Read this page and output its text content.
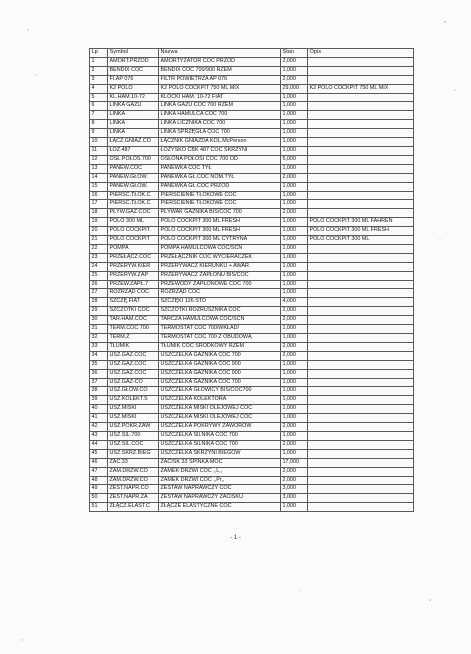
Lp	Symbol	Nazwa	Stan	Opis
1	AMORT.PRZÓD	AMORTYZATOR COC PRZÓD	2,000	
2	BENDIX COC	BENDIX COC 700/900 RZEM	1,000	
3	FI.AP 076	FILTR POWIETRZA AP 076	2,000	
4	K2 POLO	K2 POLO COCKPIT 750 ML MIX	29,000	K2 POLO COCKPIT 750 ML MIX
5	KL.HAM.10-72	KLOCKI HAM. 10-72 FIAT	1,000	
6	LINKA GAZU	LINKA GAZU COC 700 RZEM	1,000	
7	LINKA	LINKA HAMULCA COC 700	1,000	
8	LINKA	LINKA LICZNIKA COC 700	1,000	
9	LINKA	LINKA SPRZĘGŁA COC 700	1,000	
10	ŁĄCZ.GNIAZ.CO	ŁĄCZNIK GNIAZDA KOL.McPerson	1,000	
11	ŁOŻ.487	ŁOŻYSKO CBK 487 COC SKRZYNI	1,000	
12	OSŁ.POŁOS.700	OSŁONA PÓŁOSI COC 700 OD	5,000	
13	PANEW.COC	PANEWKA COC TYŁ	1,000	
14	PANEW.GŁOW.	PANEWKA GŁ.COC NOM.TYŁ	2,000	
15	PANEW.GŁOW.	PANEWKA GŁ.COC PRZÓD	1,000	
16	PIERŚC.TŁOK.C	PIERŚCIENIE TŁOKOWE COC	1,000	
17	PIERŚC.TŁOK.C	PIERŚCIENIE TŁOKOWE COC	1,000	
18	PŁYW.GAŹ.COC	PŁYWAK GAŹNIKA BIS/COC 700	2,000	
19	POLO 300 ML	POLO COCKPIT 300 ML FRESH	1,000	POLO COCKPIT 300 ML FAHREN
20	POLO COCKPIT	POLO COCKPIT 300 ML FRESH	1,000	POLO COCKPIT 300 ML FRESH
21	POLO COCKPIT	POLO COCKPIT 300 ML CYTRYNA	1,000	POLO COCKPIT 300 ML
22	POMPA	POMPA HAMULCOWA COC/SCN	1,000	
23	PRZEŁĄCZ.COC	PRZEŁĄCZNIK COC WYCIERACZEK	1,000	
24	PRZERYW.KIER	PRZERYWACZ KIERUNKU + AWAR.	1,000	
25	PRZERYW.ZAP	PRZERYWACZ ZAPŁONU BIS/COC	1,000	
26	PRZEW.ZAPŁ.7	PRZEWODY ZAPŁONOWE COC 700	1,000	
27	ROZRZĄD COC	ROZRZĄD COC	1,000	
28	SZCZĘ.FIAT	SZCZĘKI 126 STD	4,000	
29	SZCZOTKI COC	SZCZOTKI ROZRUSZNIKA COC	2,000	
30	TAR.HAM.COC	TARCZA HAMULCOWA COC/SCN	2,000	
31	TERM.COC 700	TERMOSTAT COC 700/WKŁAD/	1,000	
32	TERM.Z	TERMOSTAT COC 700 Z OBUDOWĄ	1,000	
33	TŁUMIK	TŁUMIK COC ŚRODKOWY RZEM	2,000	
34	USZ.GAŹ.COC	USZCZELKA GAŹNIKA COC 700	2,000	
35	USZ.GAŹ.COC	USZCZELKA GAŹNIKA COC 900	1,000	
36	USZ.GAŹ.COC	USZCZELKA GAŹNIKA COC 900	1,000	
37	USZ.GAŹ-CO	USZCZELKA GAŹNIKA COC 700	1,000	
38	USZ.GŁOW.CO	USZCZELKA GŁOWICY BIS/COC700	1,000	
39	USZ.KOLEKT.S	USZCZELKA KOLEKTORA	1,000	
40	USZ.MISKI	USZCZELKA MISKI OLEJOWEJ COC	1,000	
41	USZ.MISKI	USZCZELKA MISKI OLEJOWEJ COC	1,000	
42	USZ.POKR.ZAW	USZCZELKA POKRYWY ZAWOROW	2,000	
43	USZ.SIL.700	USZCZELKA SILNIKA COC 700	1,000	
44	USZ.SIL.COC	USZCZELKA SILNIKA COC 700	2,000	
45	USZ.SKRZ.BIEG	USZCZELKA SKRZYNI BIEGÓW	1,000	
46	ZAC.33	ZACISK 33 SPINKA MOC	17,000	
47	ZAM.DRZW.CO	ZAMEK DRZWI COC ,,L,,	2,000	
48	ZAM.DRZW.CO	ZAMEK DRZWI COC ,,Pr,,	2,000	
49	ZEST.NAPR.CO	ZESTAW NAPRAWCZY COC	3,000	
50	ZEST.NAPR.ZA	ZESTAW NAPRAWCZY ZACISKU	3,000	
51	ZŁĄCZ.ELAST.C	ZŁĄCZE ELASTYCZNE COC	1,000	
- 1 -
